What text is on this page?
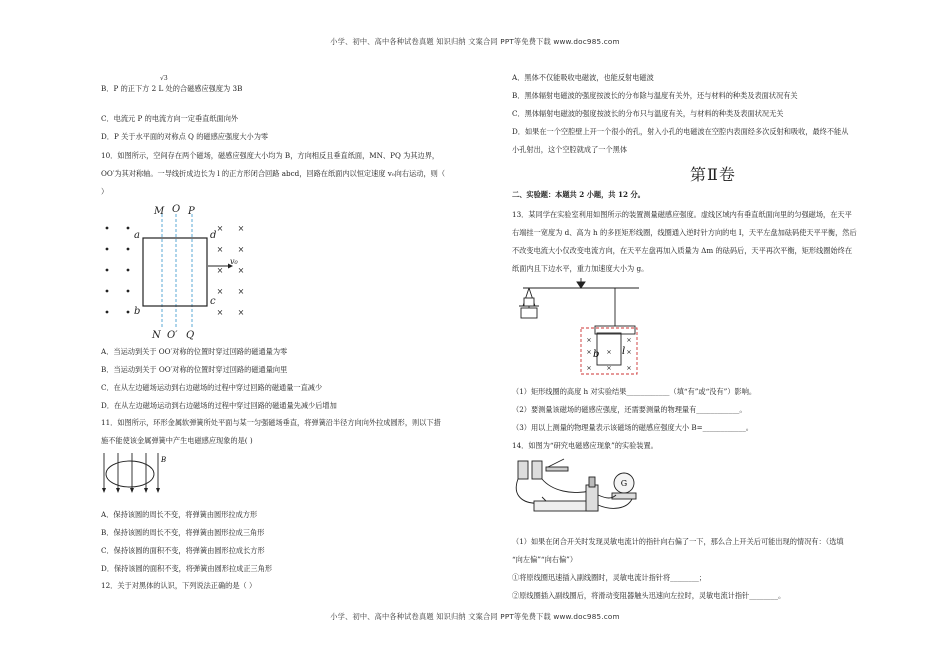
小学、初中、高中各种试卷真题 知识归纳 文案合同 PPT等免费下载 www.doc985.com
小学、初中、高中各种试卷真题 知识归纳 文案合同 PPT等免费下载 www.doc985.com
√3
B．P 的正下方 2 L 处的合磁感应强度为 3B
C．电流元 P 的电流方向一定垂直纸面向外
D．P 关于水平面的对称点 Q 的磁感应强度大小为零
10．如图所示，空间存在两个磁场，磁感应强度大小均为 B，方向相反且垂直纸面，MN、PQ 为其边界，
OO′为其对称轴。一导线折成边长为 l 的正方形闭合回路 abcd，回路在纸面内以恒定速度 v₀向右运动，则（
）
× ×
× ×
× ×
× ×
× ×
M O P
N O′ Q
a
b
c
d
v₀
A．当运动到关于 OO′对称的位置时穿过回路的磁通量为零
B．当运动到关于 OO′对称的位置时穿过回路的磁通量向里
C．在从左边磁场运动到右边磁场的过程中穿过回路的磁通量一直减少
D．在从左边磁场运动到右边磁场的过程中穿过回路的磁通量先减少后增加
11．如图所示，环形金属软弹簧所处平面与某一匀强磁场垂直，将弹簧沿半径方向向外拉成圆形，则以下措
施不能使该金属弹簧中产生电磁感应现象的是( )
B
A．保持该圆的周长不变，将弹簧由圆形拉成方形
B．保持该圆的周长不变，将弹簧由圆形拉成三角形
C．保持该圆的面积不变，将弹簧由圆形拉成长方形
D．保持该圆的面积不变，将弹簧由圆形拉成正三角形
12．关于对黑体的认识，下列说法正确的是（ ）
A．黑体不仅能吸收电磁波，也能反射电磁波
B．黑体辐射电磁波的强度按波长的分布除与温度有关外，还与材料的种类及表面状况有关
C．黑体辐射电磁波的强度按波长的分布只与温度有关，与材料的种类及表面状况无关
D．如果在一个空腔壁上开一个很小的孔，射入小孔的电磁波在空腔内表面经多次反射和吸收，最终不能从
小孔射出，这个空腔就成了一个黑体
第Ⅱ卷
二、实验题：本题共 2 小题，共 12 分。
13．某同学在实验室利用如图所示的装置测量磁感应强度。虚线区域内有垂直纸面向里的匀强磁场，在天平
右端挂一宽度为 d、高为 h 的多匝矩形线圈，线圈通入逆时针方向的电 I，天平左盘加砝码使天平平衡，然后
不改变电流大小仅改变电流方向，在天平左盘再加入质量为 Δm 的砝码后，天平再次平衡，矩形线圈始终在
纸面内且下边水平，重力加速度大小为 g。
×	×
× × ×
× × ×
b l
（1）矩形线圈的高度 h 对实验结果____________（填“有”或“没有”）影响。
（2）要测量该磁场的磁感应强度，还需要测量的物理量有____________。
（3）用以上测量的物理量表示该磁场的磁感应强度大小 B=____________。
14．如图为“研究电磁感应现象”的实验装置。
G
（1）如果在闭合开关时发现灵敏电流计的指针向右偏了一下，那么合上开关后可能出现的情况有：（选填
“向左偏”“向右偏”）
①将原线圈迅速插入副线圈时，灵敏电流计指针将________；
②原线圈插入副线圈后，将滑动变阻器触头迅速向左拉时，灵敏电流计指针________。
